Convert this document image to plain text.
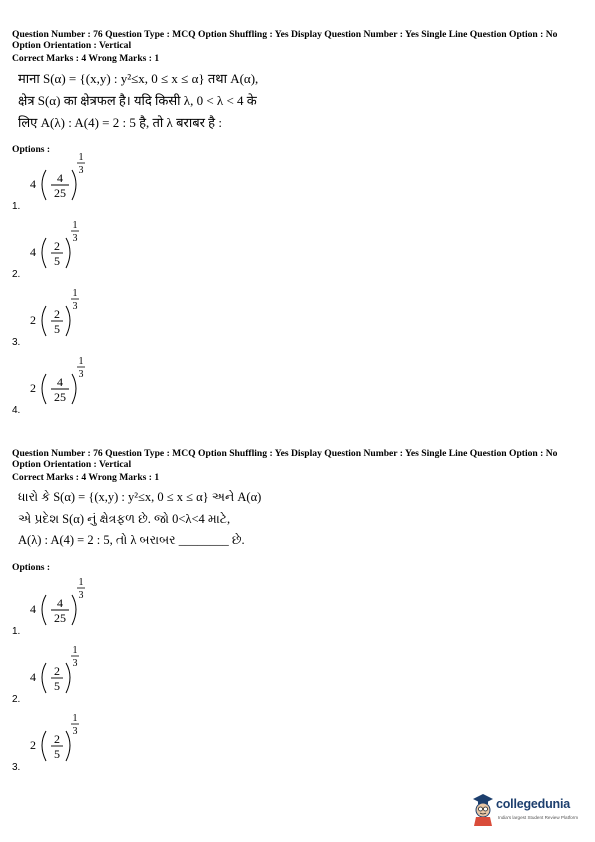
Question Number : 76 Question Type : MCQ Option Shuffling : Yes Display Question Number : Yes Single Line Question Option : No Option Orientation : Vertical
Correct Marks : 4 Wrong Marks : 1
माना S(α) = {(x,y) : y²≤x, 0 ≤ x ≤ α} तथा A(α),
क्षेत्र S(α) का क्षेत्रफल है। यदि किसी λ, 0 < λ < 4 के
लिए A(λ) : A(4) = 2 : 5 है, तो λ बराबर है :
Options :
1.
4 4
25
1
3
2.
4 2
5
1
3
3.
2 2
5
1
3
4.
2 4
25
1
3
Question Number : 76 Question Type : MCQ Option Shuffling : Yes Display Question Number : Yes Single Line Question Option : No Option Orientation : Vertical
Correct Marks : 4 Wrong Marks : 1
ધારો કે S(α) = {(x,y) : y²≤x, 0 ≤ x ≤ α} અને A(α)
એ પ્રદેશ S(α) નું ક્ષેત્રફળ છે. જો 0<λ<4 માટે,
A(λ) : A(4) = 2 : 5, તો λ બરાબર ________ છે.
Options :
1.
4 4
25
1
3
2.
4 2
5
1
3
3.
2 2
5
1
3
collegedunia
India's largest Student Review Platform
